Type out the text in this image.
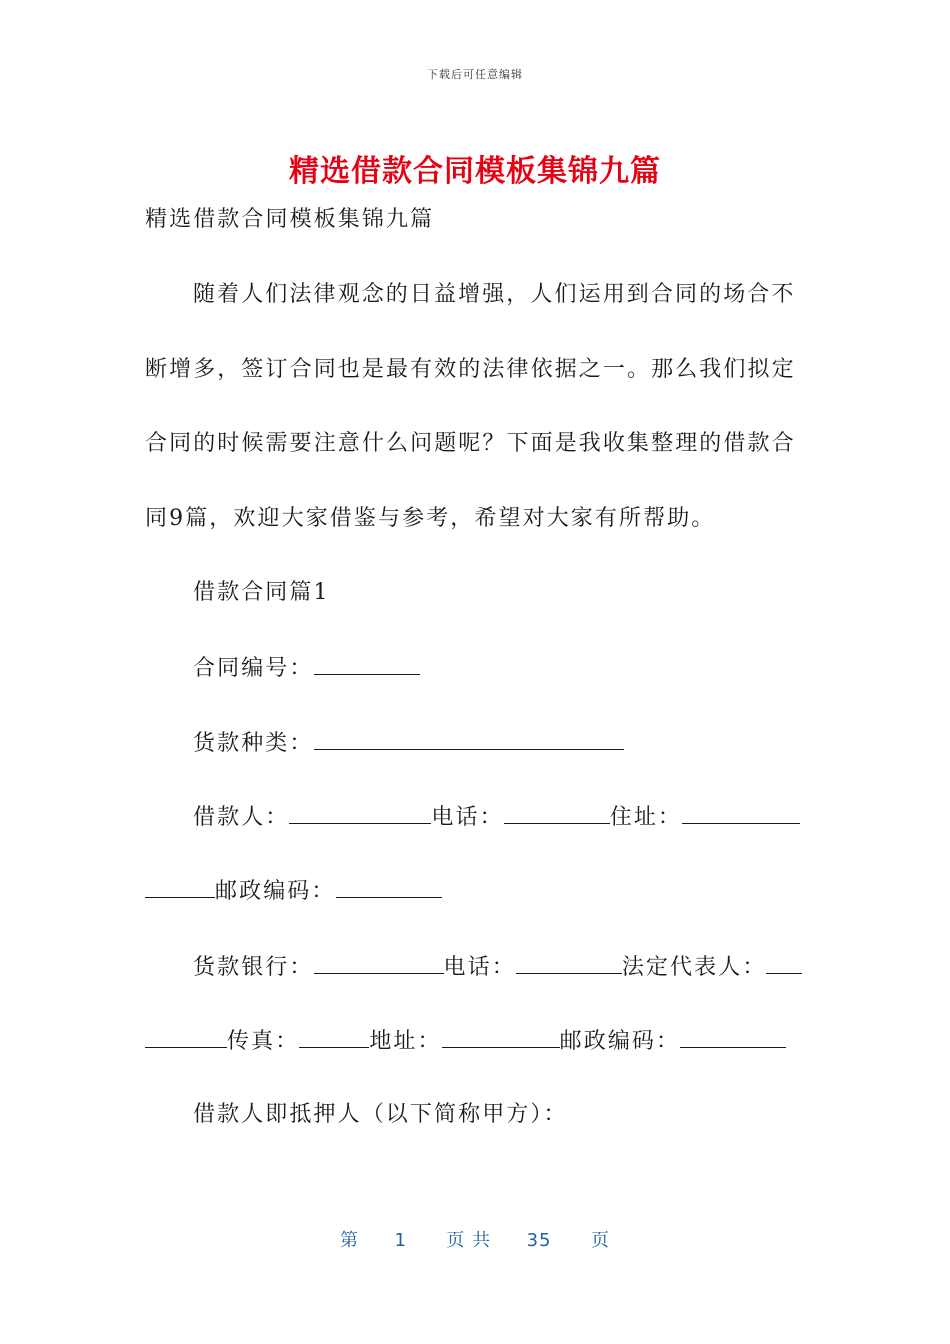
下载后可任意编辑
精选借款合同模板集锦九篇
精选借款合同模板集锦九篇
随着人们法律观念的日益增强，人们运用到合同的场合不
断增多，签订合同也是最有效的法律依据之一。那么我们拟定
合同的时候需要注意什么问题呢？下面是我收集整理的借款合
同9篇，欢迎大家借鉴与参考，希望对大家有所帮助。
借款合同篇1
合同编号：
货款种类：
借款人：	电话：	住址：
邮政编码：
货款银行：	电话：	法定代表人：
传真：	地址：	邮政编码：
借款人即抵押人（以下简称甲方）：
第 1 页 共 35 页
